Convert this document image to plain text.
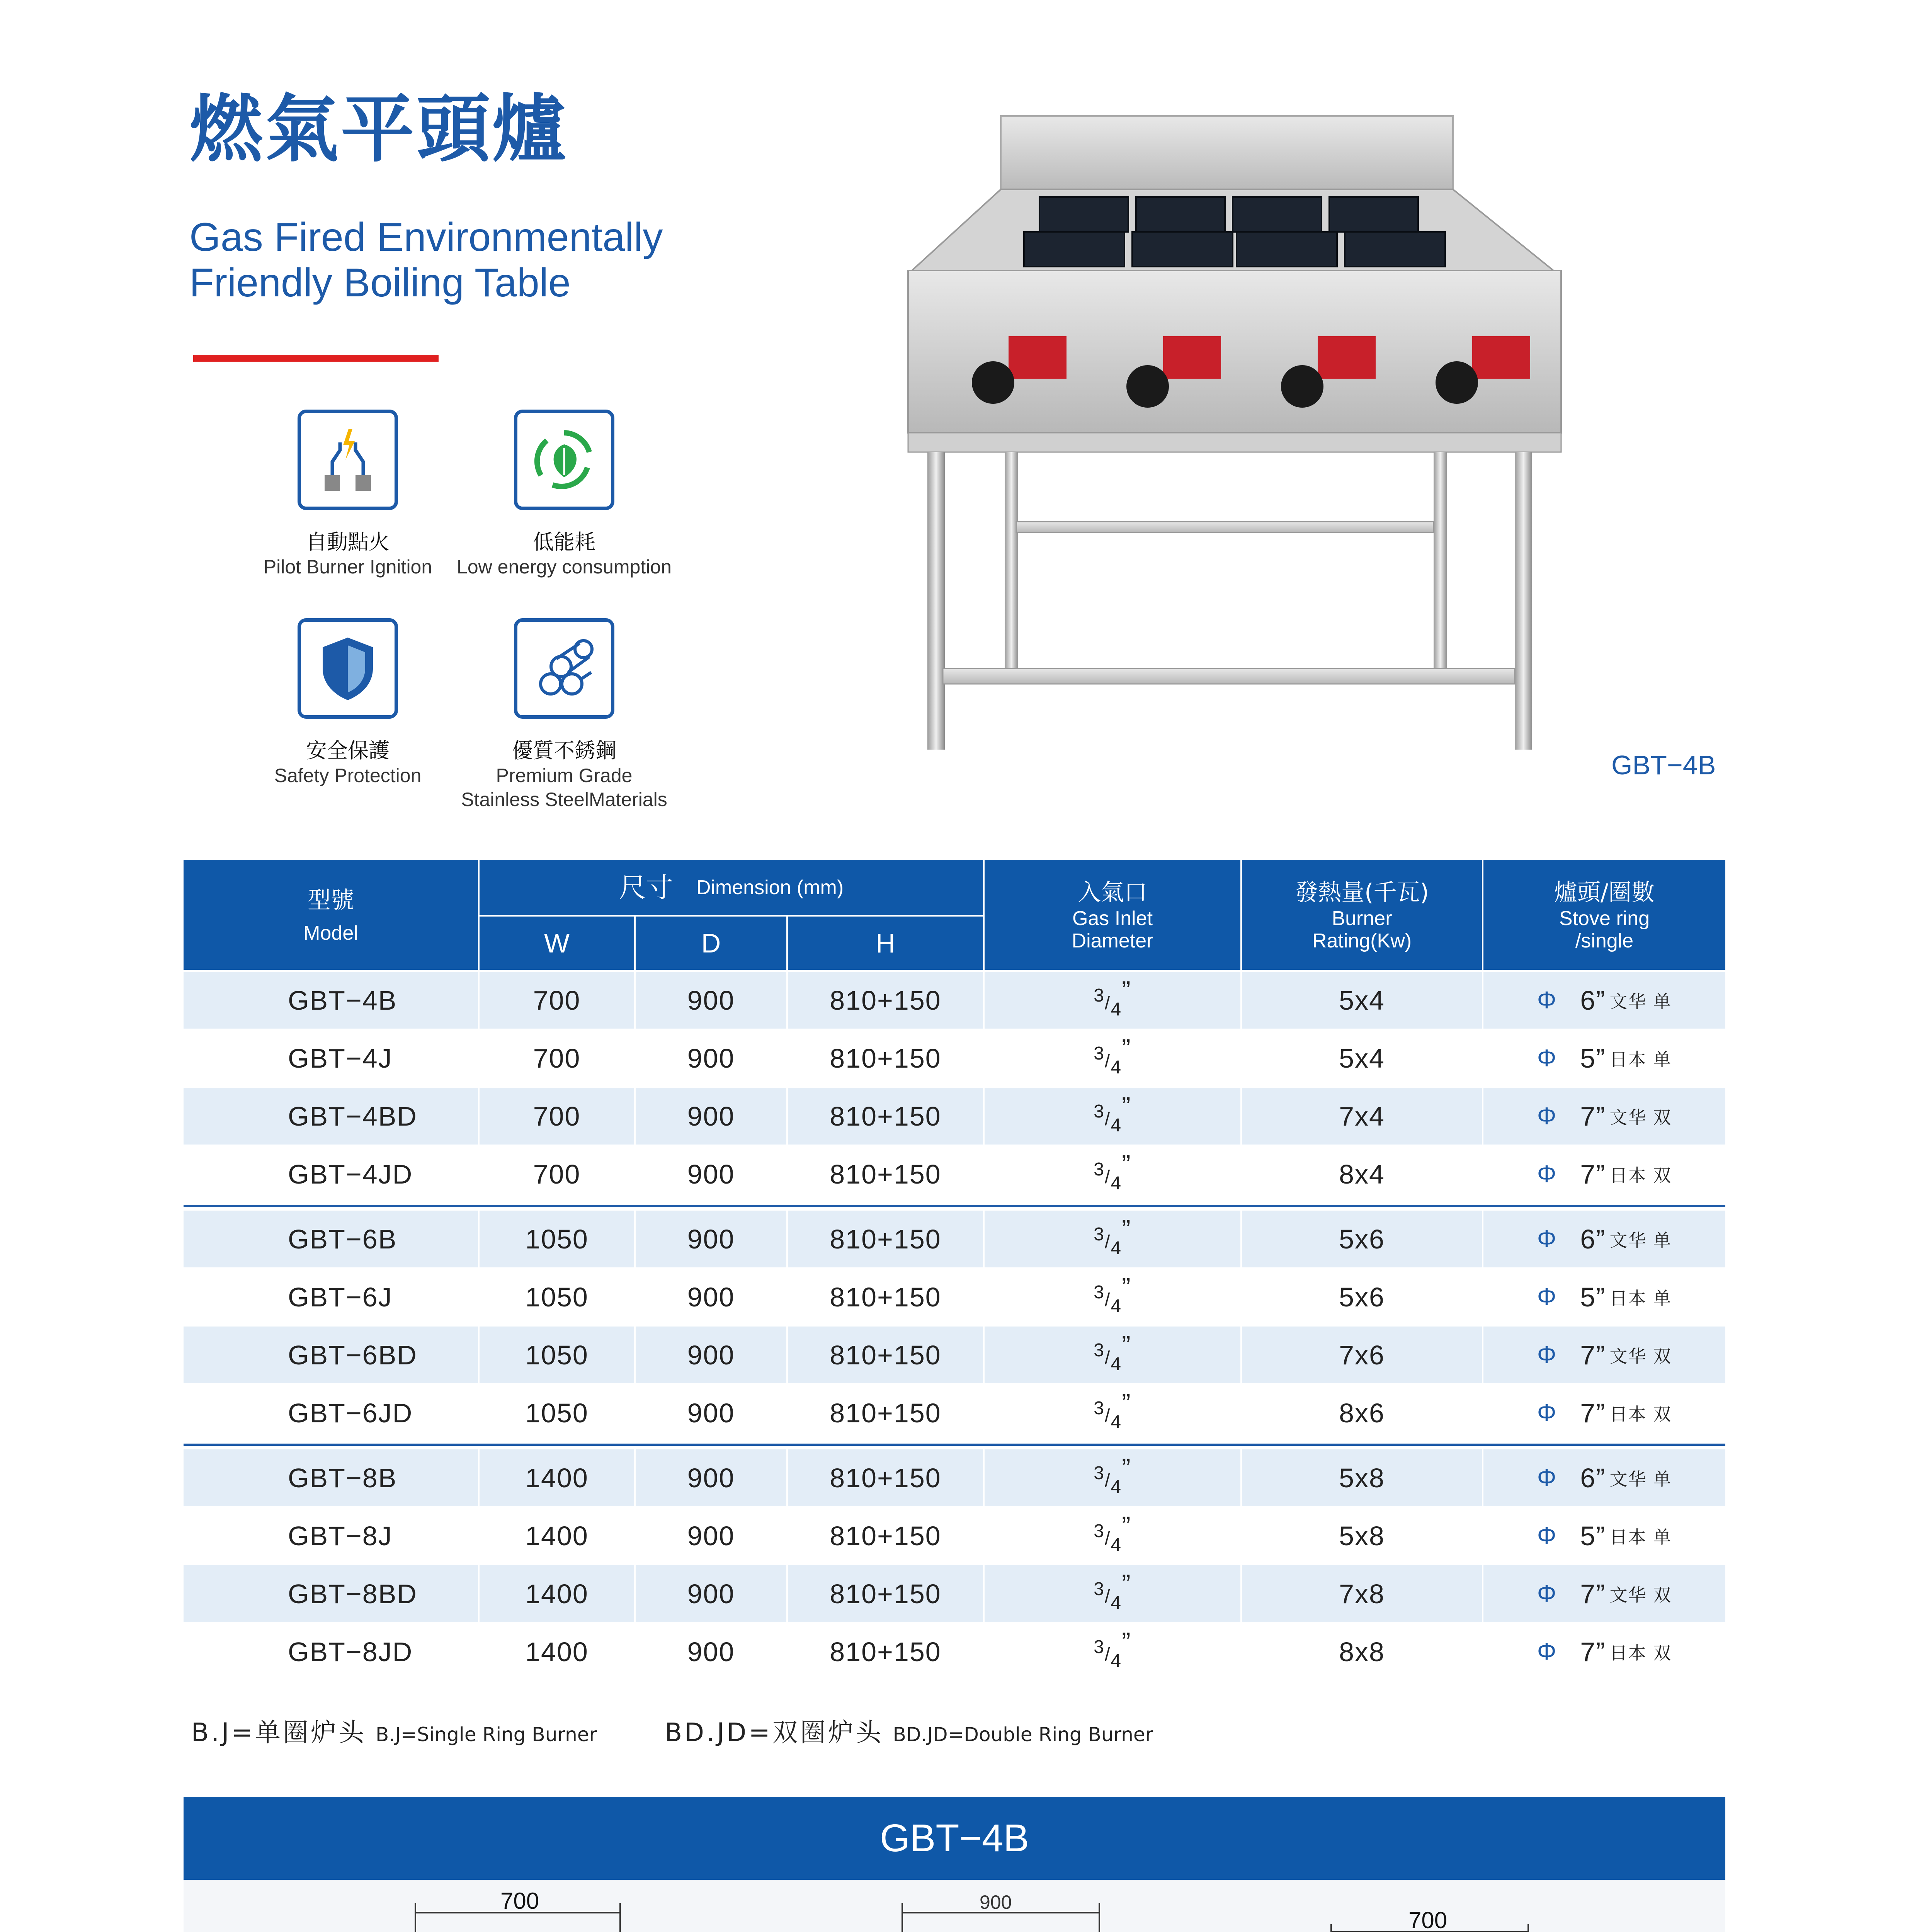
燃氣平頭爐
Gas Fired Environmentally
Friendly Boiling Table
自動點火
Pilot Burner Ignition
低能耗
Low energy consumption
安全保護
Safety Protection
優質不銹鋼
Premium Grade
Stainless SteelMaterials
GBT−4B
型號
Model
尺寸 Dimension (mm)
W	D	H
入氣口
Gas Inlet
Diameter
發熱量(千瓦)
Burner
Rating(Kw)
爐頭/圈數
Stove ring
/single
GBT−4B	700	900	810+150	3/4”	5x4	Φ 6” 文华 单
GBT−4J	700	900	810+150	3/4”	5x4	Φ 5” 日本 单
GBT−4BD	700	900	810+150	3/4”	7x4	Φ 7” 文华 双
GBT−4JD	700	900	810+150	3/4”	8x4	Φ 7” 日本 双
GBT−6B	1050	900	810+150	3/4”	5x6	Φ 6” 文华 单
GBT−6J	1050	900	810+150	3/4”	5x6	Φ 5” 日本 单
GBT−6BD	1050	900	810+150	3/4”	7x6	Φ 7” 文华 双
GBT−6JD	1050	900	810+150	3/4”	8x6	Φ 7” 日本 双
GBT−8B	1400	900	810+150	3/4”	5x8	Φ 6” 文华 单
GBT−8J	1400	900	810+150	3/4”	5x8	Φ 5” 日本 单
GBT−8BD	1400	900	810+150	3/4”	7x8	Φ 7” 文华 双
GBT−8JD	1400	900	810+150	3/4”	8x8	Φ 7” 日本 双
B.J=单圈炉头 B.J=Single Ring Burner	BD.JD=双圈炉头 BD.JD=Double Ring Burner
GBT−4B
700	900
700
